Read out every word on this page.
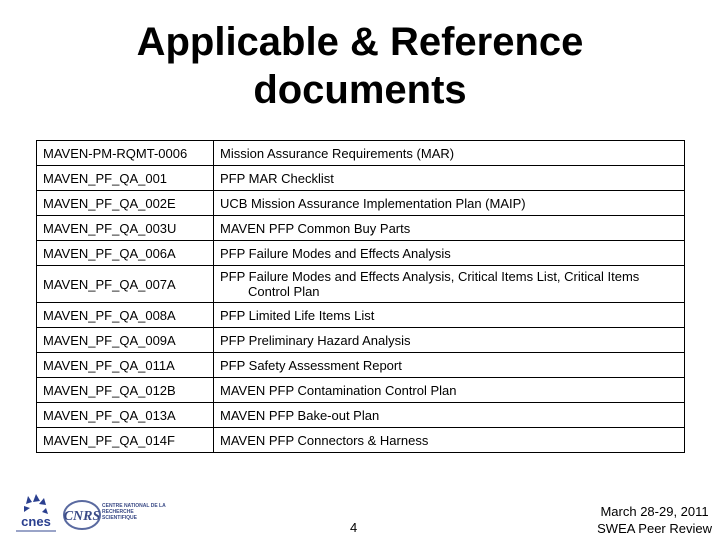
Applicable & Reference
documents
MAVEN-PM-RQMT-0006	Mission Assurance Requirements (MAR)
MAVEN_PF_QA_001	PFP MAR Checklist
MAVEN_PF_QA_002E	UCB Mission Assurance Implementation Plan (MAIP)
MAVEN_PF_QA_003U	MAVEN PFP Common Buy Parts
MAVEN_PF_QA_006A	PFP Failure Modes and Effects Analysis
MAVEN_PF_QA_007A	PFP Failure Modes and Effects Analysis, Critical Items List, Critical Items Control Plan

MAVEN_PF_QA_008A	PFP Limited Life Items List
MAVEN_PF_QA_009A	PFP Preliminary Hazard Analysis
MAVEN_PF_QA_011A	PFP Safety Assessment Report
MAVEN_PF_QA_012B	MAVEN PFP Contamination Control Plan
MAVEN_PF_QA_013A	MAVEN PFP Bake-out Plan
MAVEN_PF_QA_014F	MAVEN PFP Connectors & Harness
cnes CNRS
CENTRE NATIONAL DE LA RECHERCHE SCIENTIFIQUE
4
March 28-29, 2011
SWEA Peer Review
